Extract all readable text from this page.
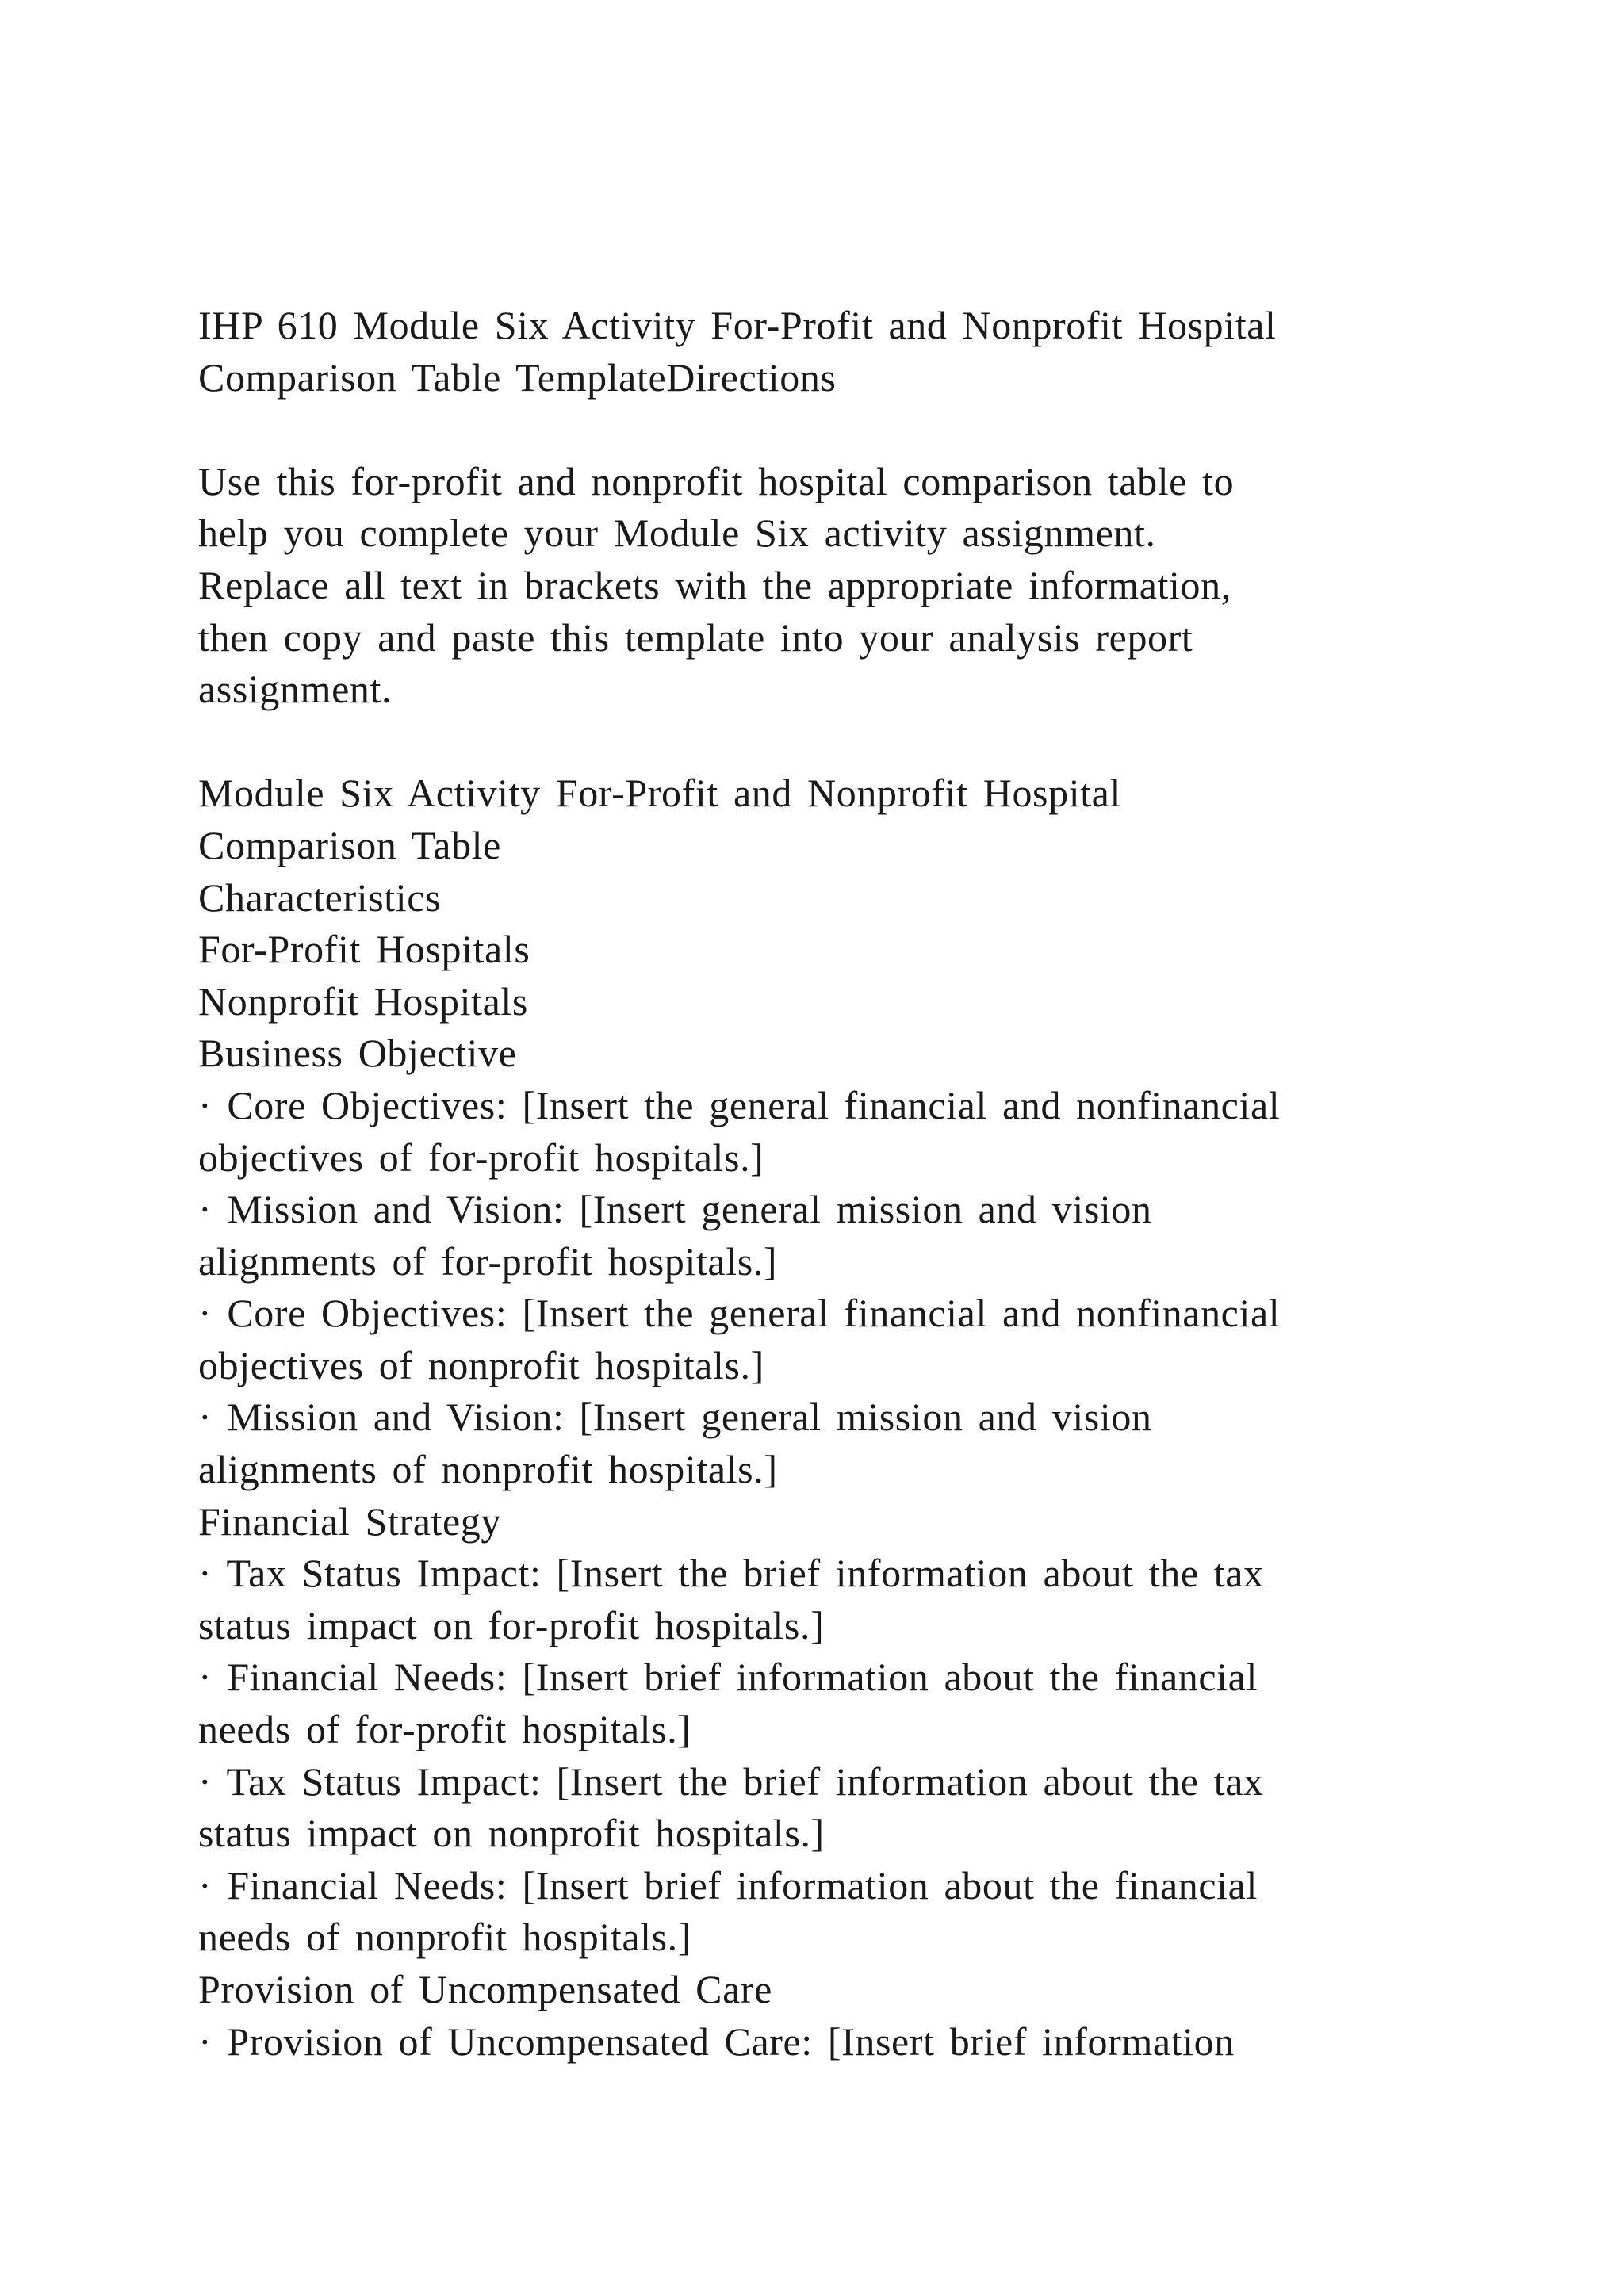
IHP 610 Module Six Activity For-Profit and Nonprofit Hospital
Comparison Table TemplateDirections
Use this for-profit and nonprofit hospital comparison table to
help you complete your Module Six activity assignment.
Replace all text in brackets with the appropriate information,
then copy and paste this template into your analysis report
assignment.
Module Six Activity For-Profit and Nonprofit Hospital
Comparison Table
Characteristics
For-Profit Hospitals
Nonprofit Hospitals
Business Objective
· Core Objectives: [Insert the general financial and nonfinancial
objectives of for-profit hospitals.]
· Mission and Vision: [Insert general mission and vision
alignments of for-profit hospitals.]
· Core Objectives: [Insert the general financial and nonfinancial
objectives of nonprofit hospitals.]
· Mission and Vision: [Insert general mission and vision
alignments of nonprofit hospitals.]
Financial Strategy
· Tax Status Impact: [Insert the brief information about the tax
status impact on for-profit hospitals.]
· Financial Needs: [Insert brief information about the financial
needs of for-profit hospitals.]
· Tax Status Impact: [Insert the brief information about the tax
status impact on nonprofit hospitals.]
· Financial Needs: [Insert brief information about the financial
needs of nonprofit hospitals.]
Provision of Uncompensated Care
· Provision of Uncompensated Care: [Insert brief information
